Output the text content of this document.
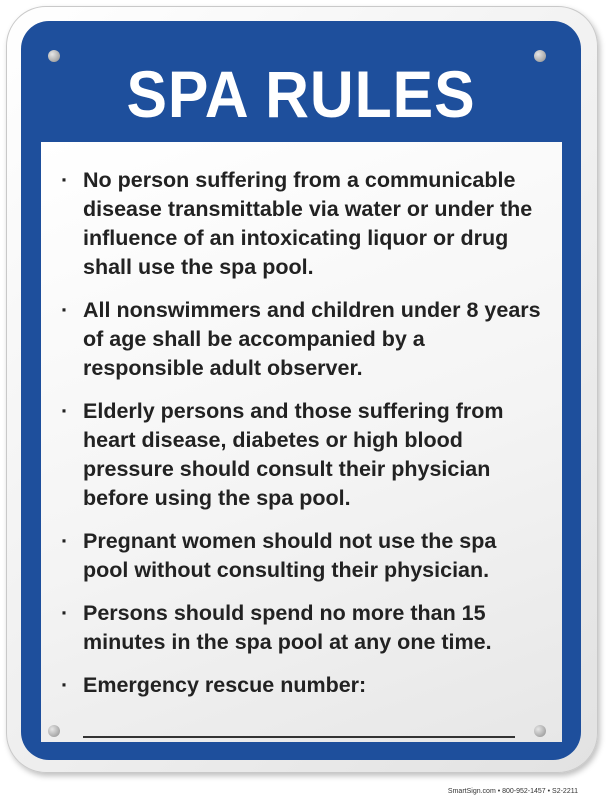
SPA RULES
· No person suffering from a communicable disease transmittable via water or under the influence of an intoxicating liquor or drug shall use the spa pool.
· All nonswimmers and children under 8 years of age shall be accompanied by a responsible adult observer.
· Elderly persons and those suffering from heart disease, diabetes or high blood pressure should consult their physician before using the spa pool.
· Pregnant women should not use the spa pool without consulting their physician.
· Persons should spend no more than 15 minutes in the spa pool at any one time.
· Emergency rescue number:
SmartSign.com • 800-952-1457 • S2-2211
